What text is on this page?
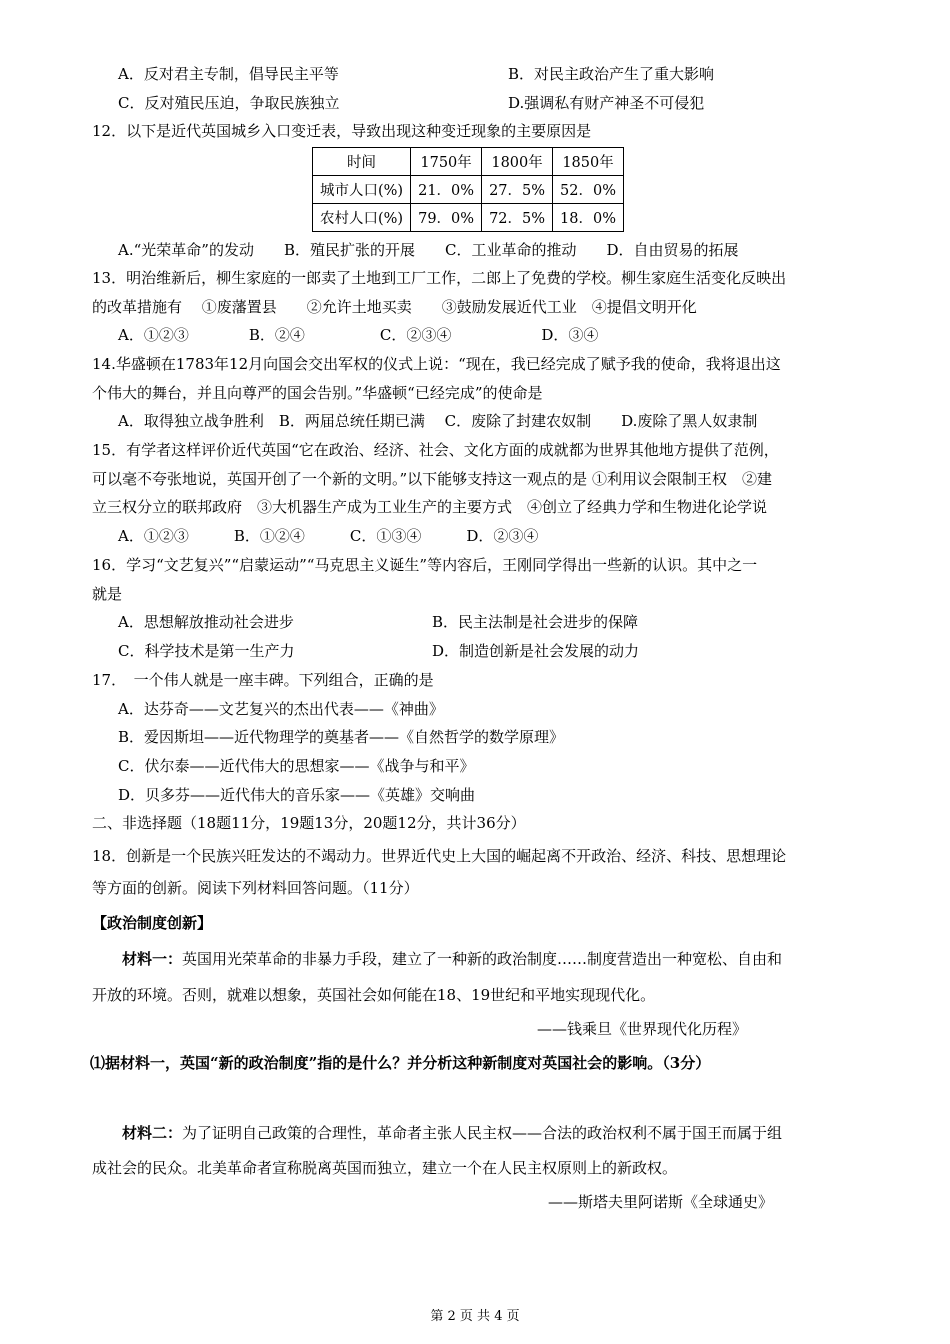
A．反对君主专制，倡导民主平等	B．对民主政治产生了重大影响
C．反对殖民压迫，争取民族独立	D.强调私有财产神圣不可侵犯
12．以下是近代英国城乡入口变迁表，导致出现这种变迁现象的主要原因是
时间	1750年	1800年	1850年
城市人口(%)	21．0%	27．5%	52．0%
农村人口(%)	79．0%	72．5%	18．0%
A.“光荣革命”的发动　　B．殖民扩张的开展　　C．工业革命的推动　　D．自由贸易的拓展
13．明治维新后，柳生家庭的一郎卖了土地到工厂工作，二郎上了免费的学校。柳生家庭生活变化反映出
的改革措施有　 ①废藩置县　　②允许土地买卖　　③鼓励发展近代工业　④提倡文明开化
A．①②③　　　　B．②④　　　　　C．②③④　　　　　　D．③④
14.华盛顿在1783年12月向国会交出军权的仪式上说：“现在，我已经完成了赋予我的使命，我将退出这
个伟大的舞台，并且向尊严的国会告别。”华盛顿“已经完成”的使命是
A．取得独立战争胜利　B．两届总统任期已满　 C．废除了封建农奴制　　D.废除了黑人奴隶制
15．有学者这样评价近代英国“它在政治、经济、社会、文化方面的成就都为世界其他地方提供了范例，
可以毫不夸张地说，英国开创了一个新的文明。”以下能够支持这一观点的是 ①利用议会限制王权　②建
立三权分立的联邦政府　③大机器生产成为工业生产的主要方式　④创立了经典力学和生物进化论学说
A．①②③　　　B．①②④　　　C．①③④　　　D．②③④
16．学习“文艺复兴”“启蒙运动”“马克思主义诞生”等内容后，王刚同学得出一些新的认识。其中之一
就是
A．思想解放推动社会进步	B．民主法制是社会进步的保障
C．科学技术是第一生产力	D．制造创新是社会发展的动力
17．　一个伟人就是一座丰碑。下列组合，正确的是
A．达芬奇——文艺复兴的杰出代表——《神曲》
B．爱因斯坦——近代物理学的奠基者——《自然哲学的数学原理》
C．伏尔泰——近代伟大的思想家——《战争与和平》
D．贝多芬——近代伟大的音乐家——《英雄》交响曲
二、非选择题（18题11分，19题13分，20题12分，共计36分）
18．创新是一个民族兴旺发达的不竭动力。世界近代史上大国的崛起离不开政治、经济、科技、思想理论
等方面的创新。阅读下列材料回答问题。（11分）
【政治制度创新】
材料一：英国用光荣革命的非暴力手段，建立了一种新的政治制度……制度营造出一种宽松、自由和
开放的环境。否则，就难以想象，英国社会如何能在18、19世纪和平地实现现代化。
——钱乘旦《世界现代化历程》
⑴据材料一，英国“新的政治制度”指的是什么？并分析这种新制度对英国社会的影响。（3分）
材料二：为了证明自己政策的合理性，革命者主张人民主权——合法的政治权利不属于国王而属于组
成社会的民众。北美革命者宣称脱离英国而独立，建立一个在人民主权原则上的新政权。
——斯塔夫里阿诺斯《全球通史》
第 2 页 共 4 页
